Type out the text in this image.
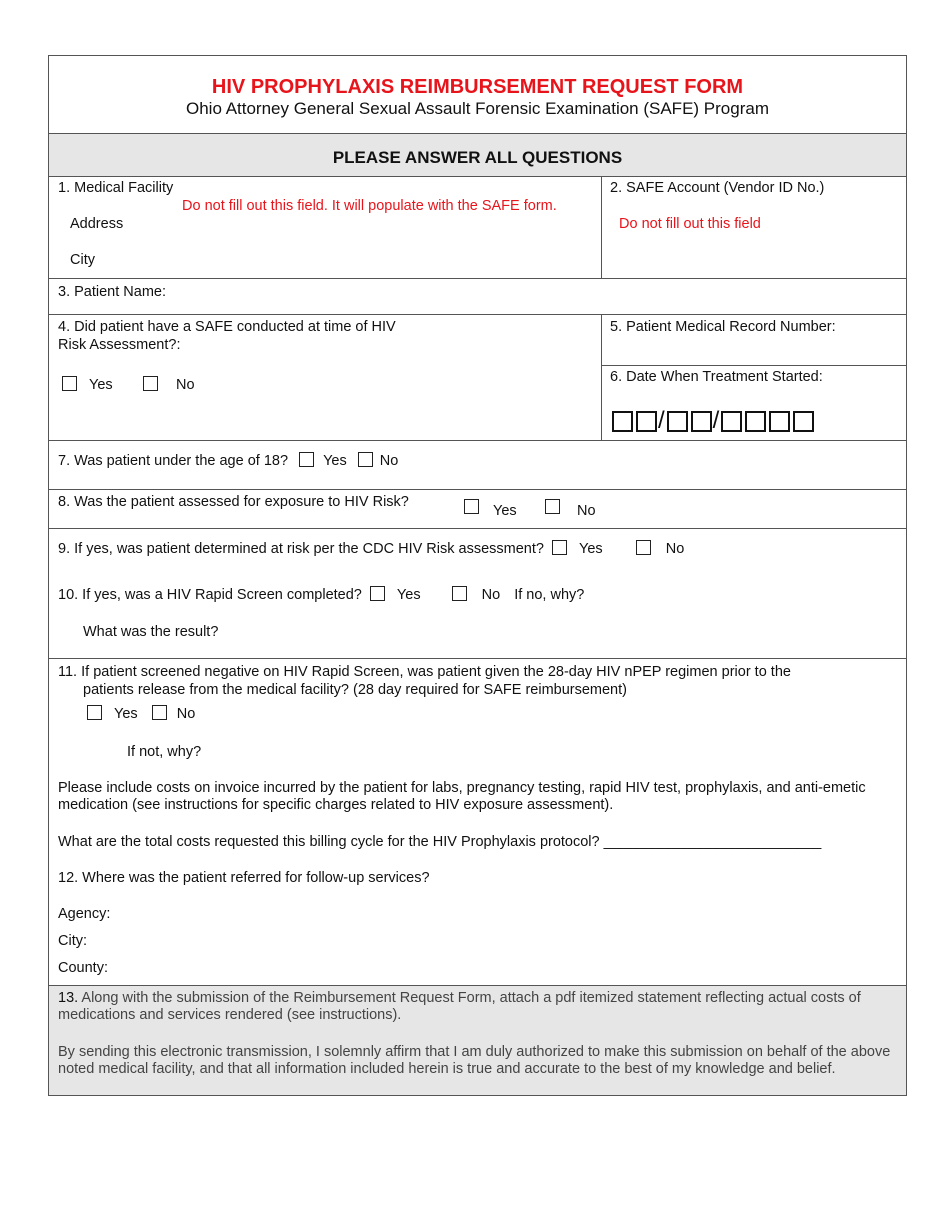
HIV PROPHYLAXIS REIMBURSEMENT REQUEST FORM
Ohio Attorney General Sexual Assault Forensic Examination (SAFE) Program
PLEASE ANSWER ALL QUESTIONS
1. Medical Facility
Do not fill out this field. It will populate with the SAFE form.
Address
City
2. SAFE Account (Vendor ID No.)
Do not fill out this field
3. Patient Name:
4. Did patient have a SAFE conducted at time of HIV
Risk Assessment?:
Yes	No
5. Patient Medical Record Number:
6. Date When Treatment Started:
/ /
7. Was patient under the age of 18? Yes No
8. Was the patient assessed for exposure to HIV Risk?
Yes	No
9. If yes, was patient determined at risk per the CDC HIV Risk assessment? Yes	No
10. If yes, was a HIV Rapid Screen completed? Yes	No If no, why?
What was the result?
11. If patient screened negative on HIV Rapid Screen, was patient given the 28-day HIV nPEP regimen prior to the
patients release from the medical facility? (28 day required for SAFE reimbursement)
Yes	No
If not, why?
Please include costs on invoice incurred by the patient for labs, pregnancy testing, rapid HIV test, prophylaxis, and anti-emetic medication (see instructions for specific charges related to HIV exposure assessment).
What are the total costs requested this billing cycle for the HIV Prophylaxis protocol? ___________________________
12. Where was the patient referred for follow-up services?
Agency:
City:
County:
13. Along with the submission of the Reimbursement Request Form, attach a pdf itemized statement reflecting actual costs of medications and services rendered (see instructions).
By sending this electronic transmission, I solemnly affirm that I am duly authorized to make this submission on behalf of the above noted medical facility, and that all information included herein is true and accurate to the best of my knowledge and belief.
